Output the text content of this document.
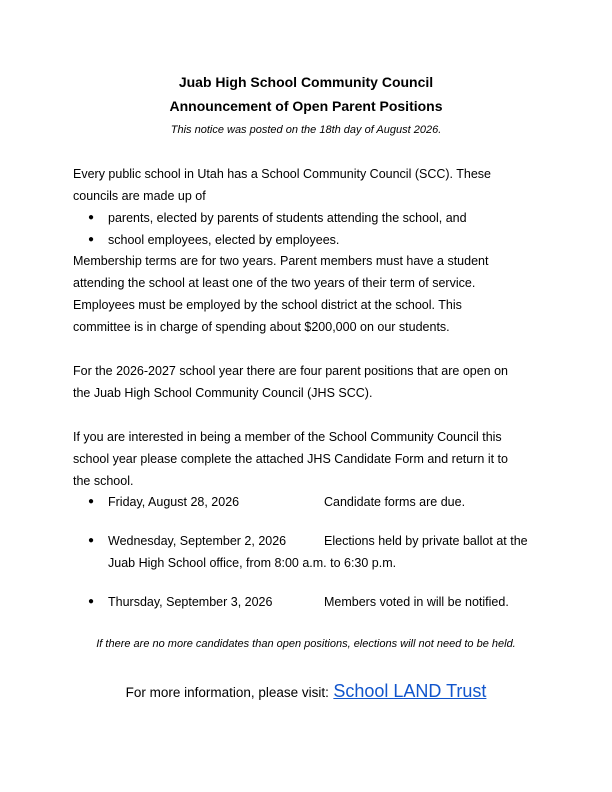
Juab High School Community Council
Announcement of Open Parent Positions
This notice was posted on the 18th day of August 2026.
Every public school in Utah has a School Community Council (SCC). These
councils are made up of
● parents, elected by parents of students attending the school, and
● school employees, elected by employees.
Membership terms are for two years. Parent members must have a student
attending the school at least one of the two years of their term of service.
Employees must be employed by the school district at the school. This
committee is in charge of spending about $200,000 on our students.
For the 2026-2027 school year there are four parent positions that are open on
the Juab High School Community Council (JHS SCC).
If you are interested in being a member of the School Community Council this
school year please complete the attached JHS Candidate Form and return it to
the school.
● Friday, August 28, 2026	Candidate forms are due.
● Wednesday, September 2, 2026	Elections held by private ballot at the
Juab High School office, from 8:00 a.m. to 6:30 p.m.
● Thursday, September 3, 2026	Members voted in will be notified.
If there are no more candidates than open positions, elections will not need to be held.
For more information, please visit: School LAND Trust
